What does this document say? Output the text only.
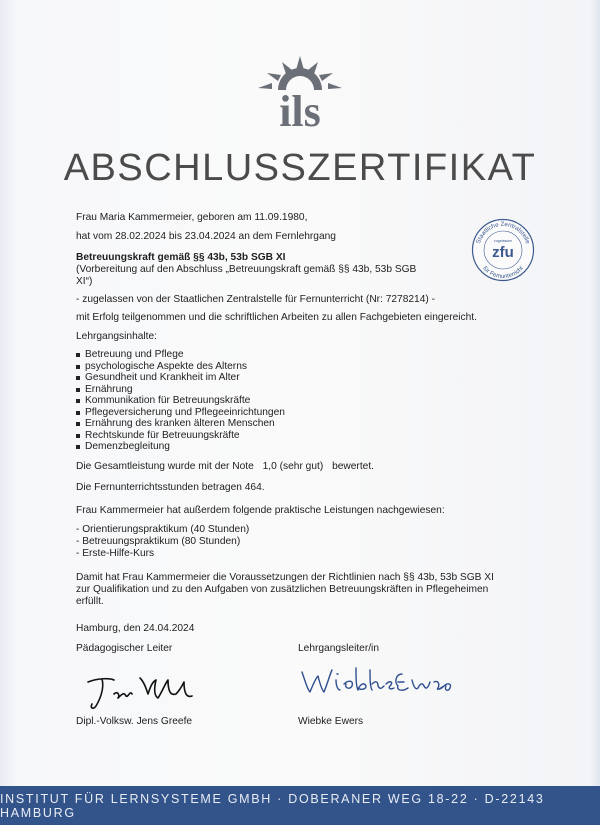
ils
ABSCHLUSSZERTIFIKAT
Staatliche Zentralstelle
für Fernunterricht
zugelassen
zfu
Frau Maria Kammermeier, geboren am 11.09.1980,
hat vom 28.02.2024 bis 23.04.2024 an dem Fernlehrgang
Betreuungskraft gemäß §§ 43b, 53b SGB XI
(Vorbereitung auf den Abschluss „Betreuungskraft gemäß §§ 43b, 53b SGB
XI“)
- zugelassen von der Staatlichen Zentralstelle für Fernunterricht (Nr: 7278214) -
mit Erfolg teilgenommen und die schriftlichen Arbeiten zu allen Fachgebieten eingereicht.
Lehrgangsinhalte:
Betreuung und Pflege
psychologische Aspekte des Alterns
Gesundheit und Krankheit im Alter
Ernährung
Kommunikation für Betreuungskräfte
Pflegeversicherung und Pflegeeinrichtungen
Ernährung des kranken älteren Menschen
Rechtskunde für Betreuungskräfte
Demenzbegleitung
Die Gesamtleistung wurde mit der Note 1,0 (sehr gut) bewertet.
Die Fernunterrichtsstunden betragen 464.
Frau Kammermeier hat außerdem folgende praktische Leistungen nachgewiesen:
- Orientierungspraktikum (40 Stunden)
- Betreuungspraktikum (80 Stunden)
- Erste-Hilfe-Kurs
Damit hat Frau Kammermeier die Voraussetzungen der Richtlinien nach §§ 43b, 53b SGB XI
zur Qualifikation und zu den Aufgaben von zusätzlichen Betreuungskräften in Pflegeheimen
erfüllt.
Hamburg, den 24.04.2024
Pädagogischer Leiter	Lehrgangsleiter/in
Dipl.-Volksw. Jens Greefe	Wiebke Ewers
INSTITUT FÜR LERNSYSTEME GMBH · DOBERANER WEG 18-22 · D-22143 HAMBURG
